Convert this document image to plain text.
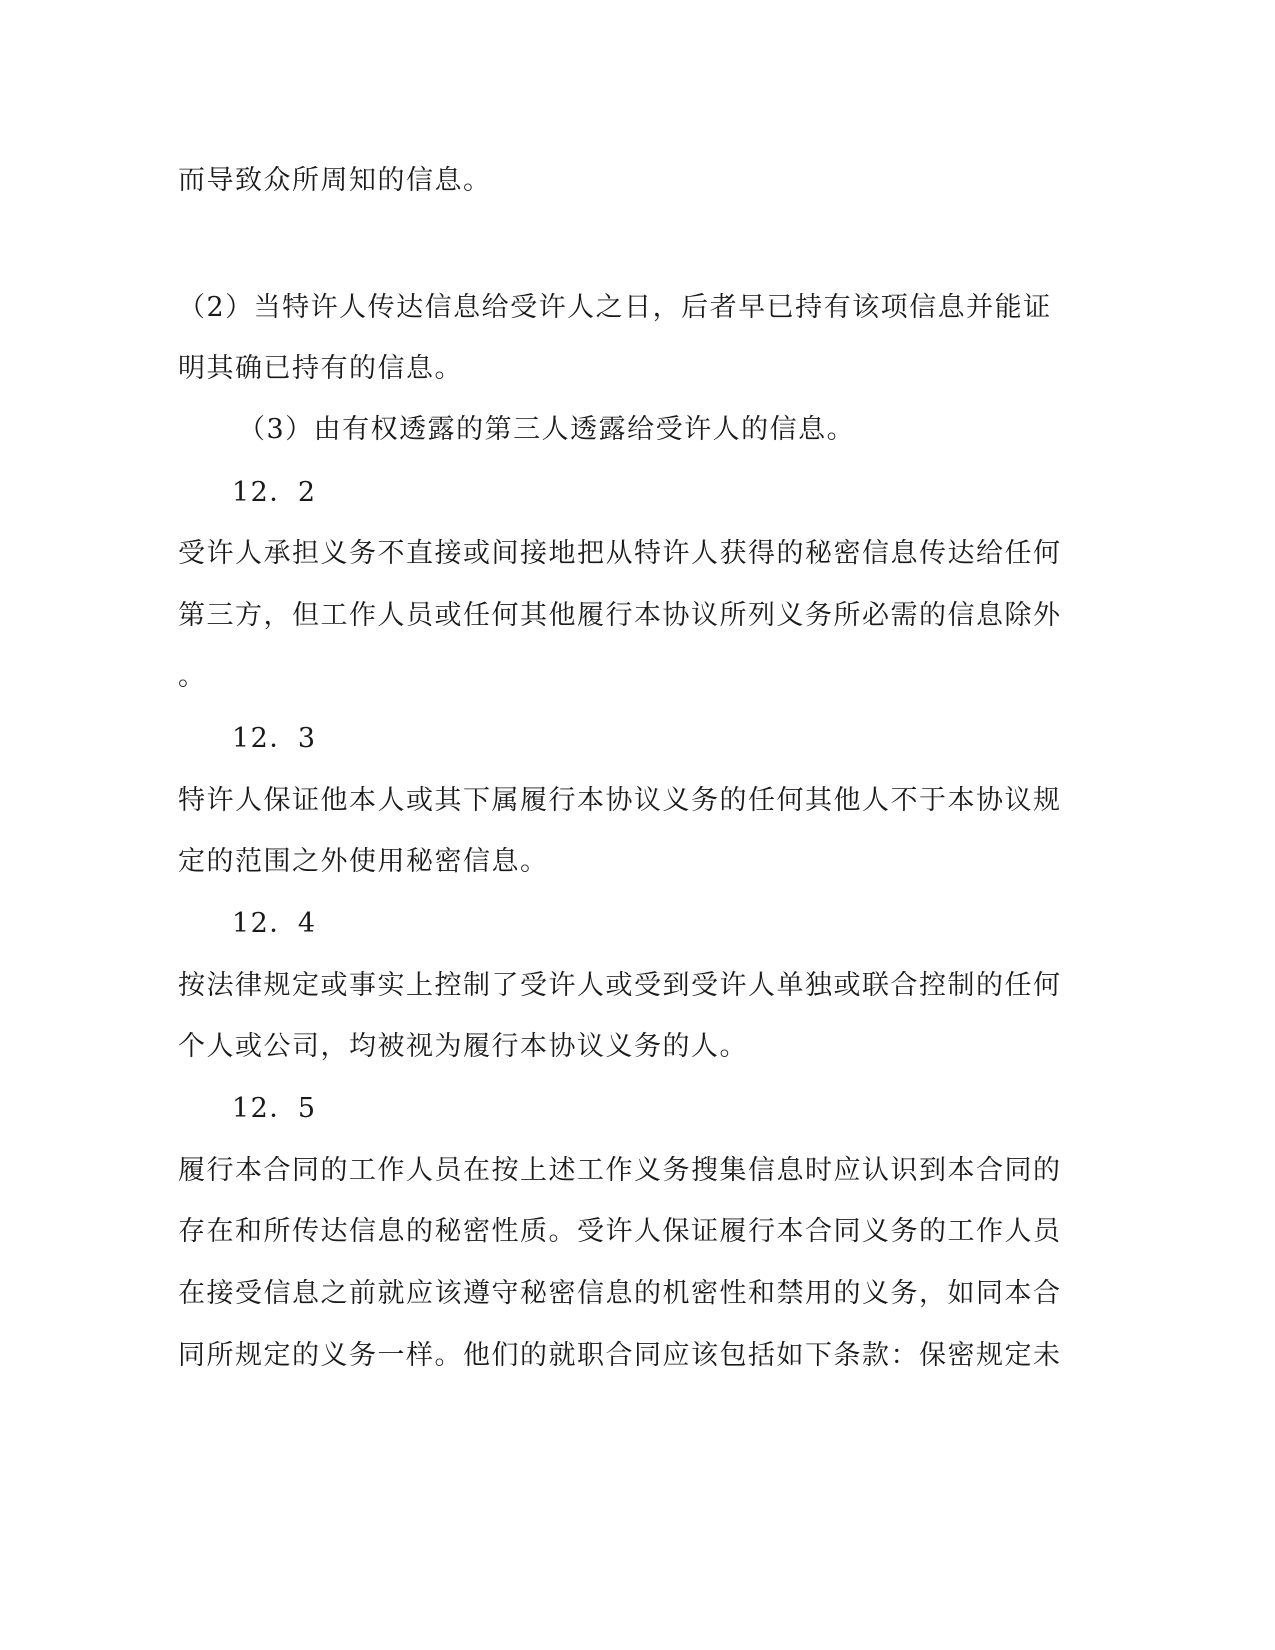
而导致众所周知的信息。
（2）当特许人传达信息给受许人之日，后者早已持有该项信息并能证
明其确已持有的信息。
（3）由有权透露的第三人透露给受许人的信息。
12．2
受许人承担义务不直接或间接地把从特许人获得的秘密信息传达给任何
第三方，但工作人员或任何其他履行本协议所列义务所必需的信息除外
。
12．3
特许人保证他本人或其下属履行本协议义务的任何其他人不于本协议规
定的范围之外使用秘密信息。
12．4
按法律规定或事实上控制了受许人或受到受许人单独或联合控制的任何
个人或公司，均被视为履行本协议义务的人。
12．5
履行本合同的工作人员在按上述工作义务搜集信息时应认识到本合同的
存在和所传达信息的秘密性质。受许人保证履行本合同义务的工作人员
在接受信息之前就应该遵守秘密信息的机密性和禁用的义务，如同本合
同所规定的义务一样。他们的就职合同应该包括如下条款：保密规定未
